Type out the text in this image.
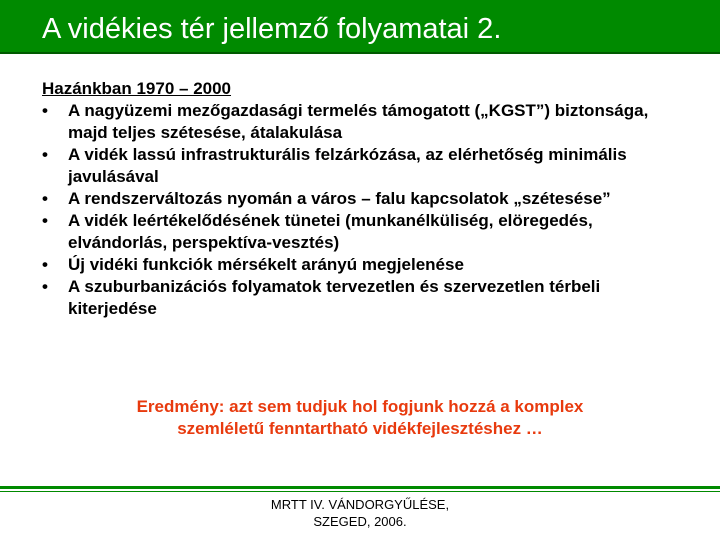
A vidékies tér jellemző folyamatai 2.
Hazánkban 1970 – 2000
•	A nagyüzemi mezőgazdasági termelés támogatott („KGST”) biztonsága, majd teljes szétesése, átalakulása
•	A vidék lassú infrastrukturális felzárkózása, az elérhetőség minimális javulásával
•	A rendszerváltozás nyomán a város – falu kapcsolatok „szétesése”
•	A vidék leértékelődésének tünetei (munkanélküliség, elöregedés, elvándorlás, perspektíva-vesztés)
•	Új vidéki funkciók mérsékelt arányú megjelenése
•	A szuburbanizációs folyamatok tervezetlen és szervezetlen térbeli kiterjedése
Eredmény: azt sem tudjuk hol fogjunk hozzá a komplex
szemléletű fenntartható vidékfejlesztéshez …
MRTT IV. VÁNDORGYŰLÉSE,
SZEGED, 2006.
